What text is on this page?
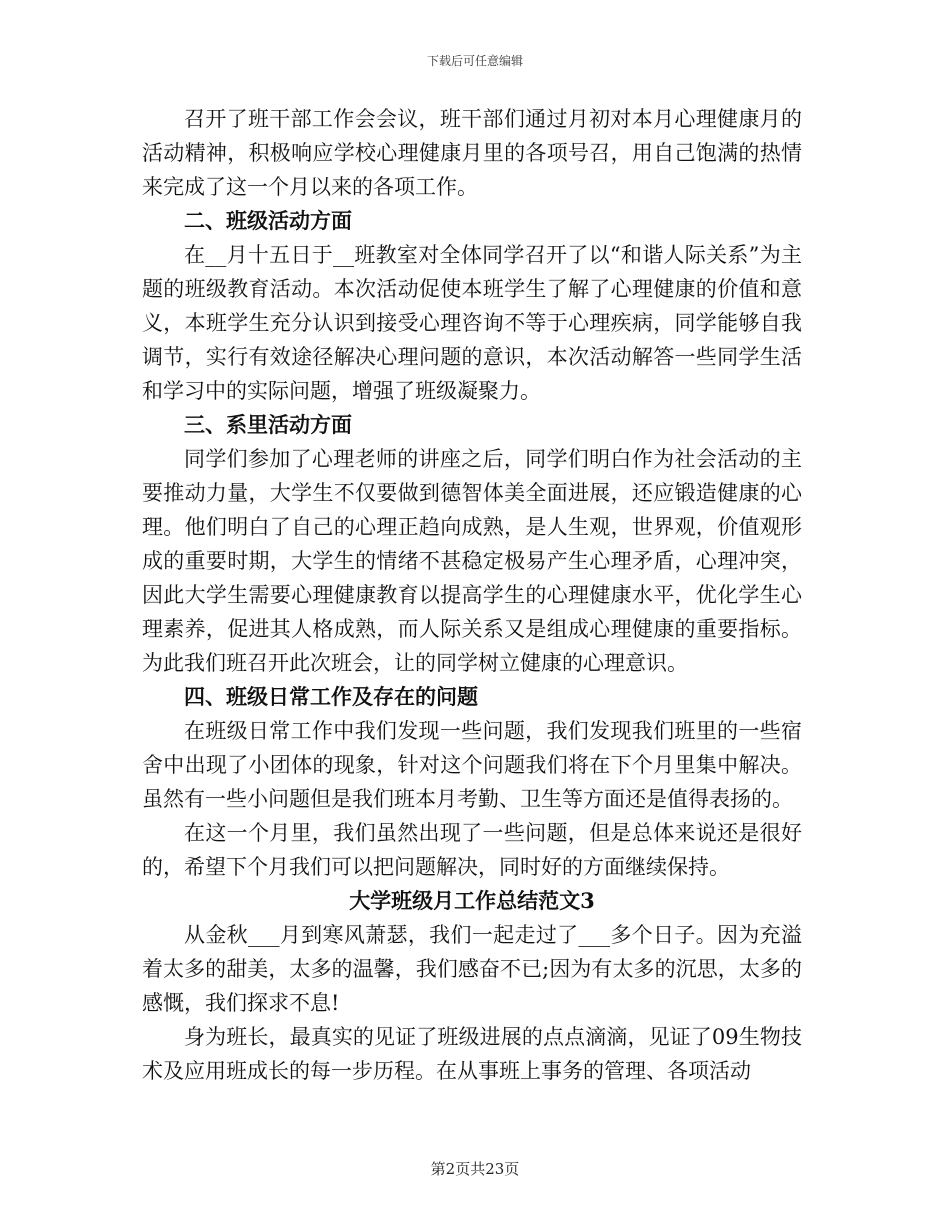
下载后可任意编辑

召开了班干部工作会会议，班干部们通过月初对本月心理健康月的活动精神，积极响应学校心理健康月里的各项号召，用自己饱满的热情来完成了这一个月以来的各项工作。

二、班级活动方面

在__月十五日于__班教室对全体同学召开了以“和谐人际关系”为主题的班级教育活动。本次活动促使本班学生了解了心理健康的价值和意义，本班学生充分认识到接受心理咨询不等于心理疾病，同学能够自我调节，实行有效途径解决心理问题的意识，本次活动解答一些同学生活和学习中的实际问题，增强了班级凝聚力。

三、系里活动方面

同学们参加了心理老师的讲座之后，同学们明白作为社会活动的主要推动力量，大学生不仅要做到德智体美全面进展，还应锻造健康的心理。他们明白了自己的心理正趋向成熟，是人生观，世界观，价值观形成的重要时期，大学生的情绪不甚稳定极易产生心理矛盾，心理冲突，因此大学生需要心理健康教育以提高学生的心理健康水平，优化学生心理素养，促进其人格成熟，而人际关系又是组成心理健康的重要指标。为此我们班召开此次班会，让的同学树立健康的心理意识。

四、班级日常工作及存在的问题

在班级日常工作中我们发现一些问题，我们发现我们班里的一些宿舍中出现了小团体的现象，针对这个问题我们将在下个月里集中解决。虽然有一些小问题但是我们班本月考勤、卫生等方面还是值得表扬的。

在这一个月里，我们虽然出现了一些问题，但是总体来说还是很好的，希望下个月我们可以把问题解决，同时好的方面继续保持。

大学班级月工作总结范文3

从金秋___月到寒风萧瑟，我们一起走过了___多个日子。因为充溢着太多的甜美，太多的温馨，我们感奋不已;因为有太多的沉思，太多的感慨，我们探求不息!

身为班长，最真实的见证了班级进展的点点滴滴，见证了09生物技术及应用班成长的每一步历程。在从事班上事务的管理、各项活动

第2页共23页
